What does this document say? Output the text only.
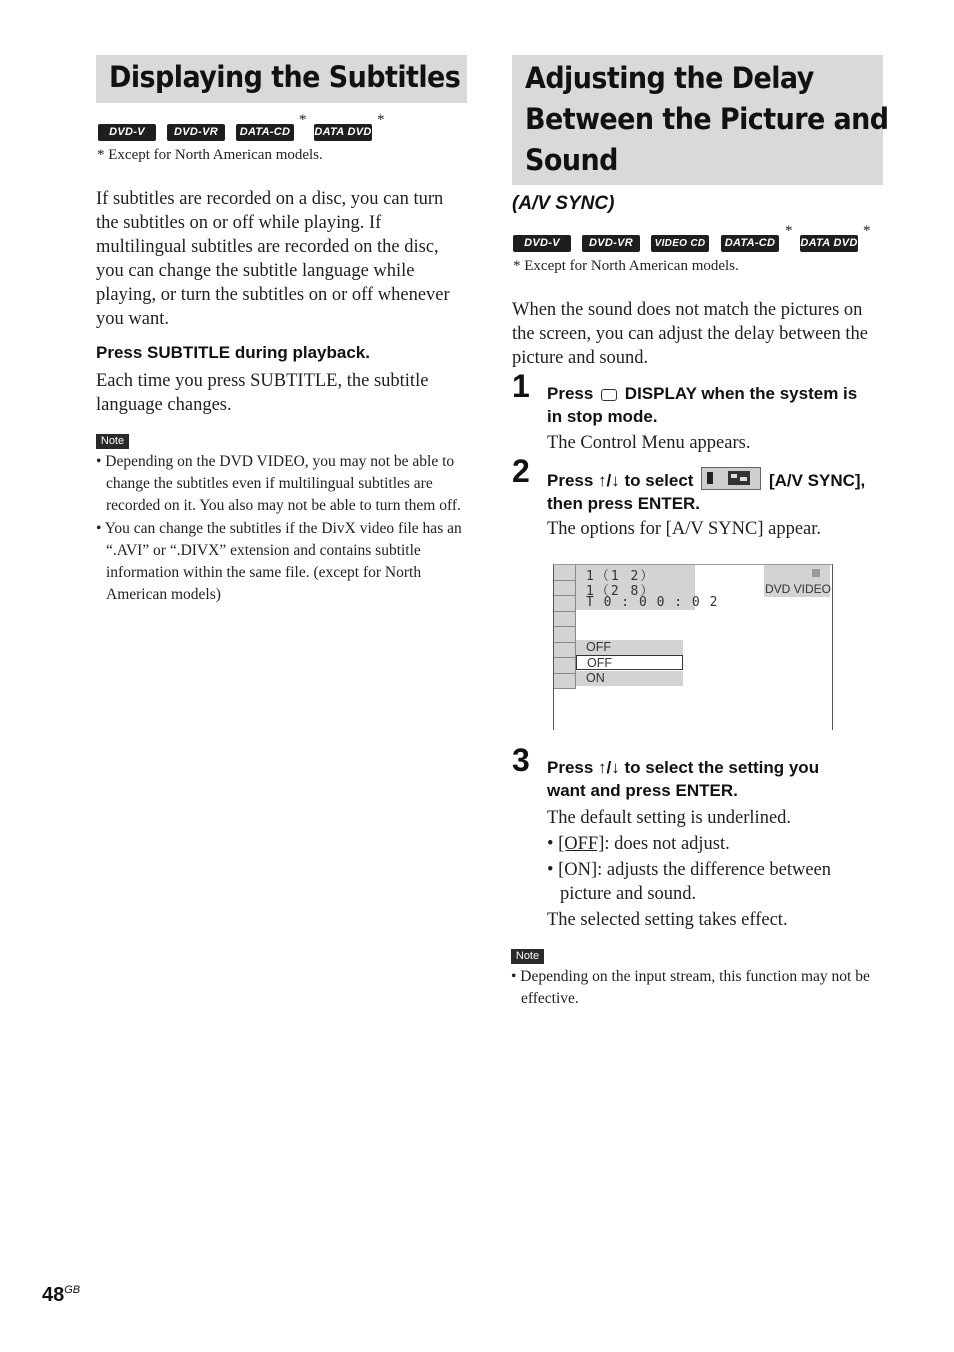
Displaying the Subtitles
DVD-V	DVD-VR	DATA-CD
*
DATA DVD
*
* Except for North American models.
If subtitles are recorded on a disc, you can turn
the subtitles on or off while playing. If
multilingual subtitles are recorded on the disc,
you can change the subtitle language while
playing, or turn the subtitles on or off whenever
you want.
Press SUBTITLE during playback.
Each time you press SUBTITLE, the subtitle
language changes.
Note
• Depending on the DVD VIDEO, you may not be able to change the subtitles even if multilingual subtitles are recorded on it. You also may not be able to turn them off.
• You can change the subtitles if the DivX video file has an “.AVI” or “.DIVX” extension and contains subtitle information within the same file. (except for North American models)
Adjusting the Delay
Between the Picture and
Sound
(A/V SYNC)
DVD-V	DVD-VR	VIDEO CD	DATA-CD
*
DATA DVD
*
* Except for North American models.
When the sound does not match the pictures on
the screen, you can adjust the delay between the
picture and sound.
1 Press DISPLAY when the system is
in stop mode.
The Control Menu appears.
2 Press ↑/↓ to select	[A/V SYNC],
then press ENTER.
The options for [A/V SYNC] appear.
1（1 2）
1（2 8）
T 0 : 0 0 : 0 2
DVD VIDEO
OFF
OFF
ON
3 Press ↑/↓ to select the setting you
want and press ENTER.
The default setting is underlined.
• [OFF]: does not adjust.
• [ON]: adjusts the difference between
picture and sound.
The selected setting takes effect.
Note
• Depending on the input stream, this function may not be effective.
$48^{GB}$
